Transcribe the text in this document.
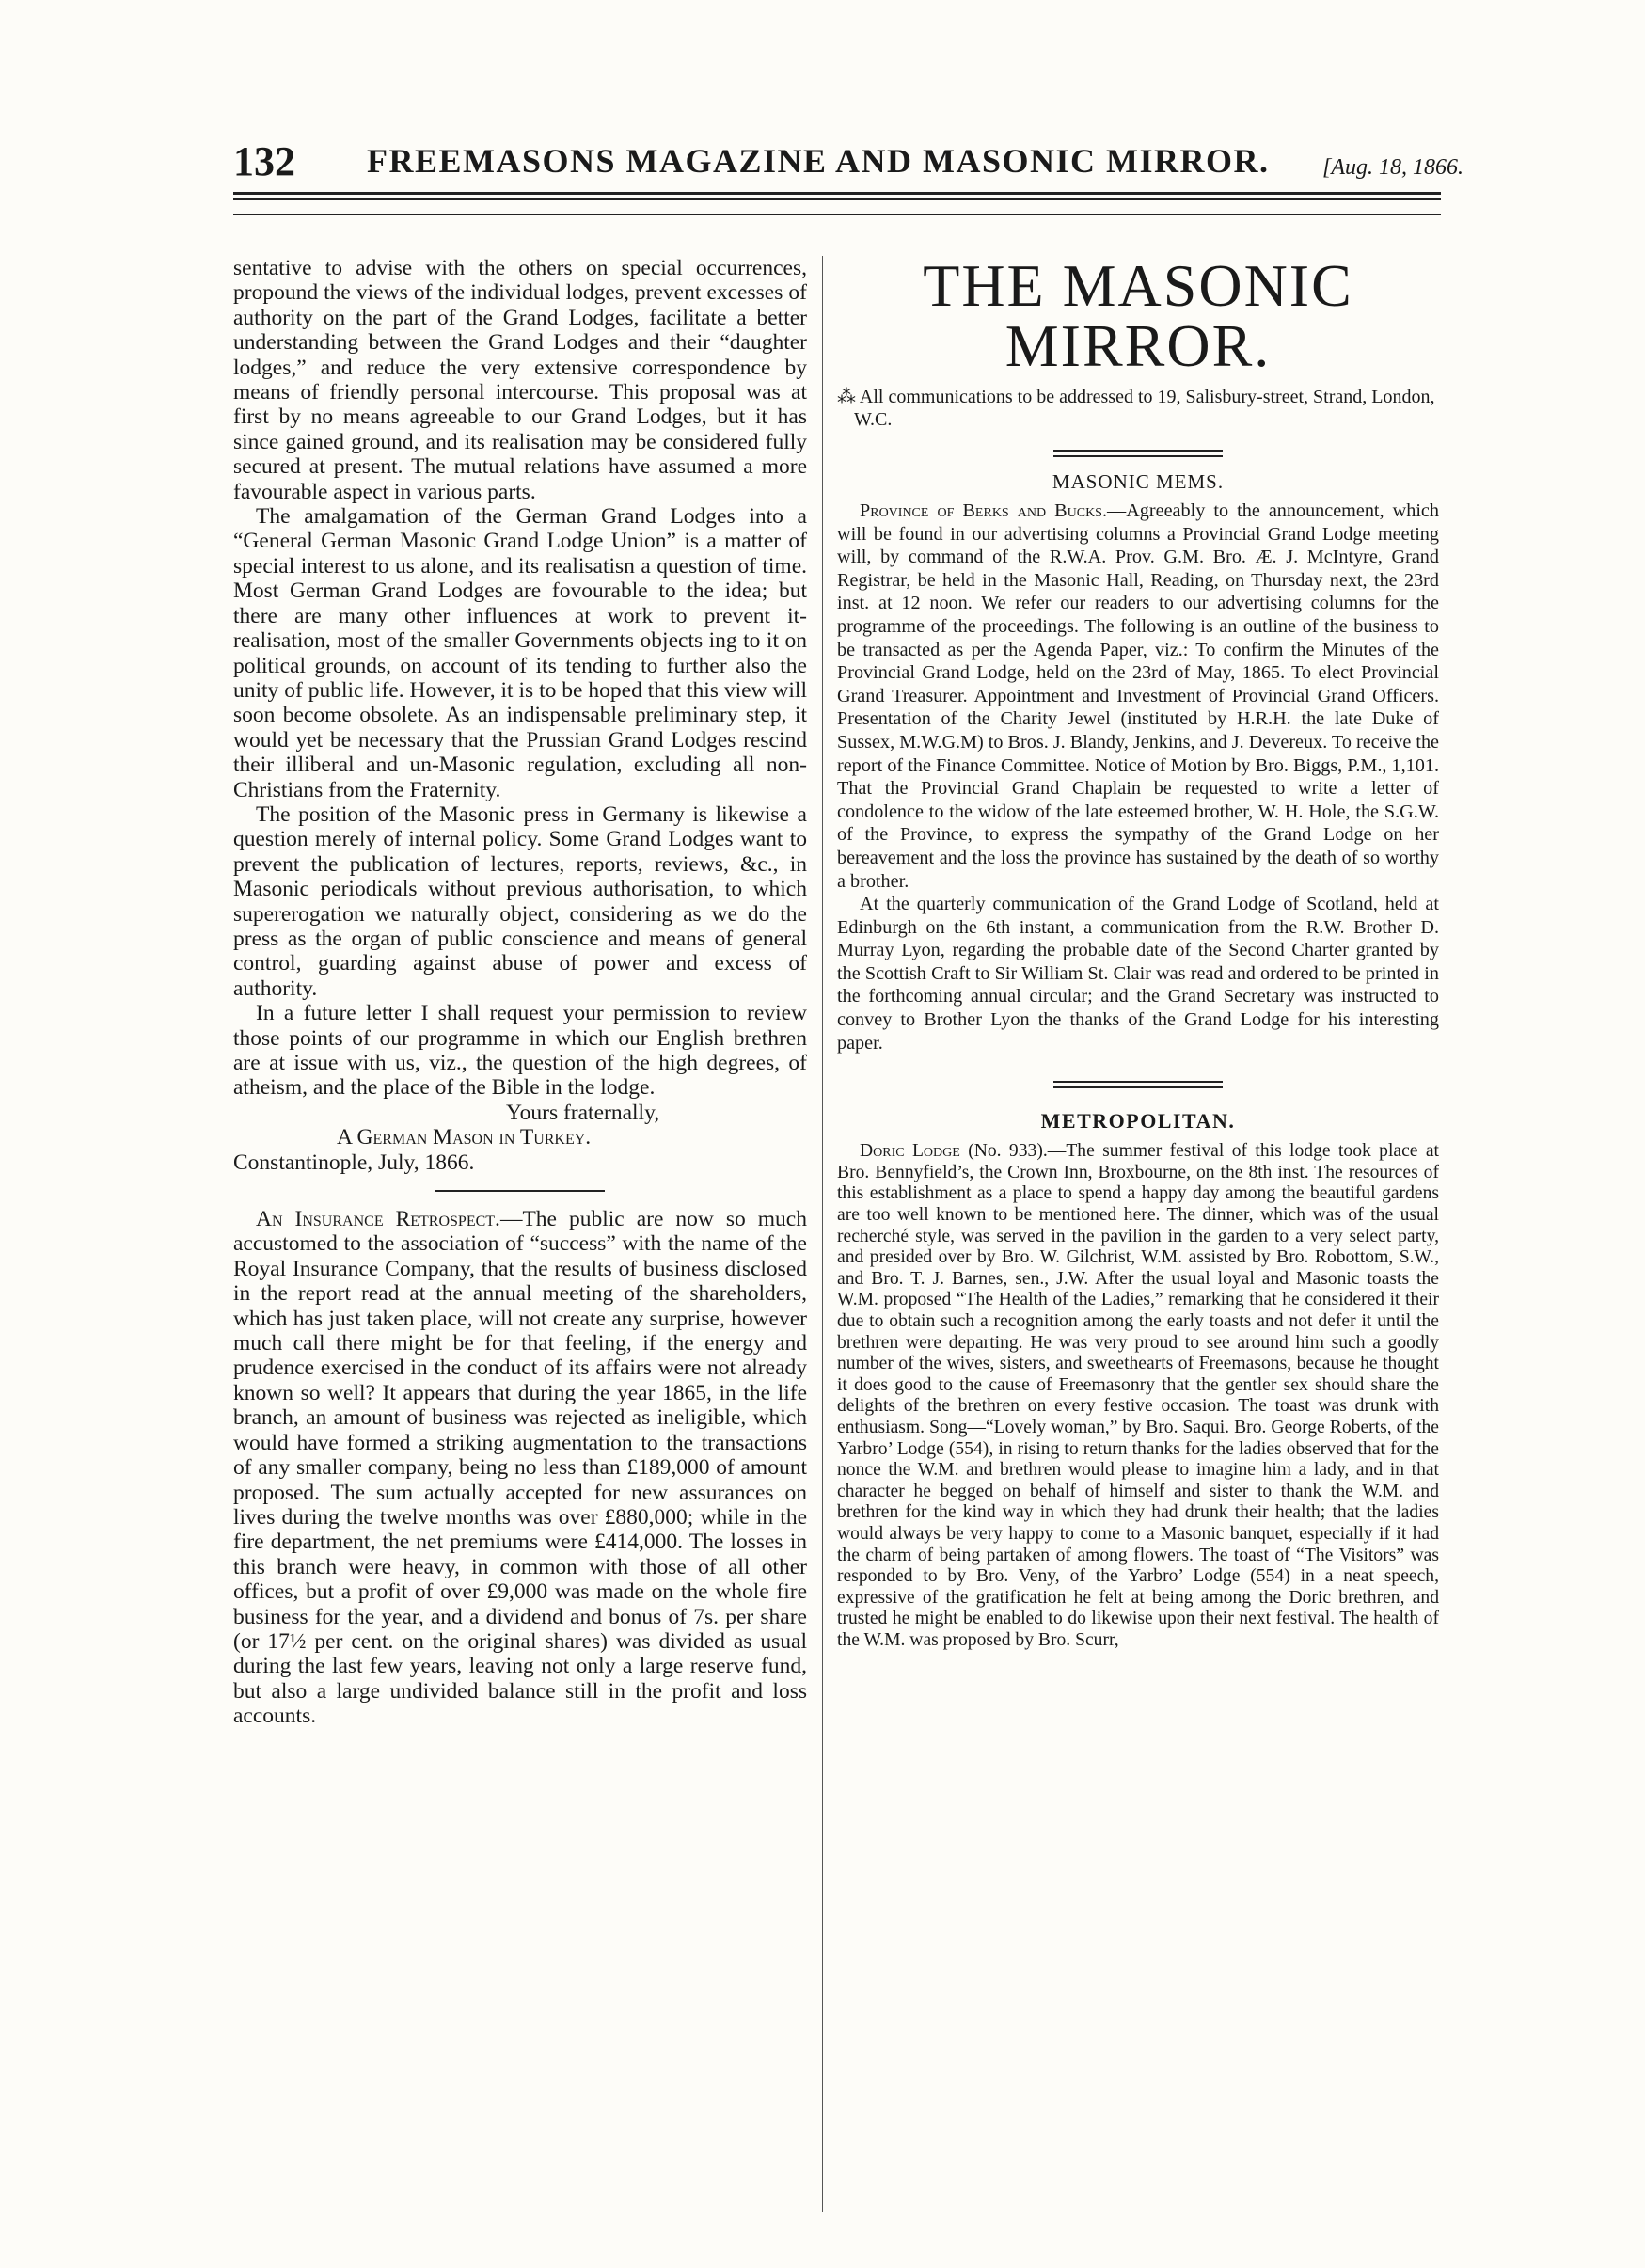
132 FREEMASONS MAGAZINE AND MASONIC MIRROR. [Aug. 18, 1866.

sentative to advise with the others on special occurrences, propound the views of the individual lodges, prevent excesses of authority on the part of the Grand Lodges, facilitate a better understanding between the Grand Lodges and their “daughter lodges,” and reduce the very extensive correspondence by means of friendly personal intercourse. This proposal was at first by no means agreeable to our Grand Lodges, but it has since gained ground, and its realisation may be considered fully secured at present. The mutual relations have assumed a more favourable aspect in various parts.

The amalgamation of the German Grand Lodges into a “General German Masonic Grand Lodge Union” is a matter of special interest to us alone, and its realisatisn a question of time. Most German Grand Lodges are fovourable to the idea; but there are many other influences at work to prevent it- realisation, most of the smaller Governments objects ing to it on political grounds, on account of its tending to further also the unity of public life. However, it is to be hoped that this view will soon become obsolete. As an indispensable preliminary step, it would yet be necessary that the Prussian Grand Lodges rescind their illiberal and un-Masonic regulation, excluding all non-Christians from the Fraternity.

The position of the Masonic press in Germany is likewise a question merely of internal policy. Some Grand Lodges want to prevent the publication of lectures, reports, reviews, &c., in Masonic periodicals without previous authorisation, to which supererogation we naturally object, considering as we do the press as the organ of public conscience and means of general control, guarding against abuse of power and excess of authority.

In a future letter I shall request your permission to review those points of our programme in which our English brethren are at issue with us, viz., the question of the high degrees, of atheism, and the place of the Bible in the lodge.

Yours fraternally,
A German Mason in Turkey.
Constantinople, July, 1866.

An Insurance Retrospect.—The public are now so much accustomed to the association of “success” with the name of the Royal Insurance Company, that the results of business disclosed in the report read at the annual meeting of the shareholders, which has just taken place, will not create any surprise, however much call there might be for that feeling, if the energy and prudence exercised in the conduct of its affairs were not already known so well? It appears that during the year 1865, in the life branch, an amount of business was rejected as ineligible, which would have formed a striking augmentation to the transactions of any smaller company, being no less than £189,000 of amount proposed. The sum actually accepted for new assurances on lives during the twelve months was over £880,000; while in the fire department, the net premiums were £414,000. The losses in this branch were heavy, in common with those of all other offices, but a profit of over £9,000 was made on the whole fire business for the year, and a dividend and bonus of 7s. per share (or 17½ per cent. on the original shares) was divided as usual during the last few years, leaving not only a large reserve fund, but also a large undivided balance still in the profit and loss accounts.

THE MASONIC MIRROR.

⁂ All communications to be addressed to 19, Salisbury-street, Strand, London, W.C.

MASONIC MEMS.

Province of Berks and Bucks.—Agreeably to the announcement, which will be found in our advertising columns a Provincial Grand Lodge meeting will, by command of the R.W.A. Prov. G.M. Bro. Æ. J. McIntyre, Grand Registrar, be held in the Masonic Hall, Reading, on Thursday next, the 23rd inst. at 12 noon. We refer our readers to our advertising columns for the programme of the proceedings. The following is an outline of the business to be transacted as per the Agenda Paper, viz.: To confirm the Minutes of the Provincial Grand Lodge, held on the 23rd of May, 1865. To elect Provincial Grand Treasurer. Appointment and Investment of Provincial Grand Officers. Presentation of the Charity Jewel (instituted by H.R.H. the late Duke of Sussex, M.W.G.M) to Bros. J. Blandy, Jenkins, and J. Devereux. To receive the report of the Finance Committee. Notice of Motion by Bro. Biggs, P.M., 1,101. That the Provincial Grand Chaplain be requested to write a letter of condolence to the widow of the late esteemed brother, W. H. Hole, the S.G.W. of the Province, to express the sympathy of the Grand Lodge on her bereavement and the loss the province has sustained by the death of so worthy a brother.

At the quarterly communication of the Grand Lodge of Scotland, held at Edinburgh on the 6th instant, a communication from the R.W. Brother D. Murray Lyon, regarding the probable date of the Second Charter granted by the Scottish Craft to Sir William St. Clair was read and ordered to be printed in the forthcoming annual circular; and the Grand Secretary was instructed to convey to Brother Lyon the thanks of the Grand Lodge for his interesting paper.

METROPOLITAN.

Doric Lodge (No. 933).—The summer festival of this lodge took place at Bro. Bennyfield’s, the Crown Inn, Broxbourne, on the 8th inst. The resources of this establishment as a place to spend a happy day among the beautiful gardens are too well known to be mentioned here. The dinner, which was of the usual recherché style, was served in the pavilion in the garden to a very select party, and presided over by Bro. W. Gilchrist, W.M. assisted by Bro. Robottom, S.W., and Bro. T. J. Barnes, sen., J.W. After the usual loyal and Masonic toasts the W.M. proposed “The Health of the Ladies,” remarking that he considered it their due to obtain such a recognition among the early toasts and not defer it until the brethren were departing. He was very proud to see around him such a goodly number of the wives, sisters, and sweethearts of Freemasons, because he thought it does good to the cause of Freemasonry that the gentler sex should share the delights of the brethren on every festive occasion. The toast was drunk with enthusiasm. Song—“Lovely woman,” by Bro. Saqui. Bro. George Roberts, of the Yarbro’ Lodge (554), in rising to return thanks for the ladies observed that for the nonce the W.M. and brethren would please to imagine him a lady, and in that character he begged on behalf of himself and sister to thank the W.M. and brethren for the kind way in which they had drunk their health; that the ladies would always be very happy to come to a Masonic banquet, especially if it had the charm of being partaken of among flowers. The toast of “The Visitors” was responded to by Bro. Veny, of the Yarbro’ Lodge (554) in a neat speech, expressive of the gratification he felt at being among the Doric brethren, and trusted he might be enabled to do likewise upon their next festival. The health of the W.M. was proposed by Bro. Scurr,
